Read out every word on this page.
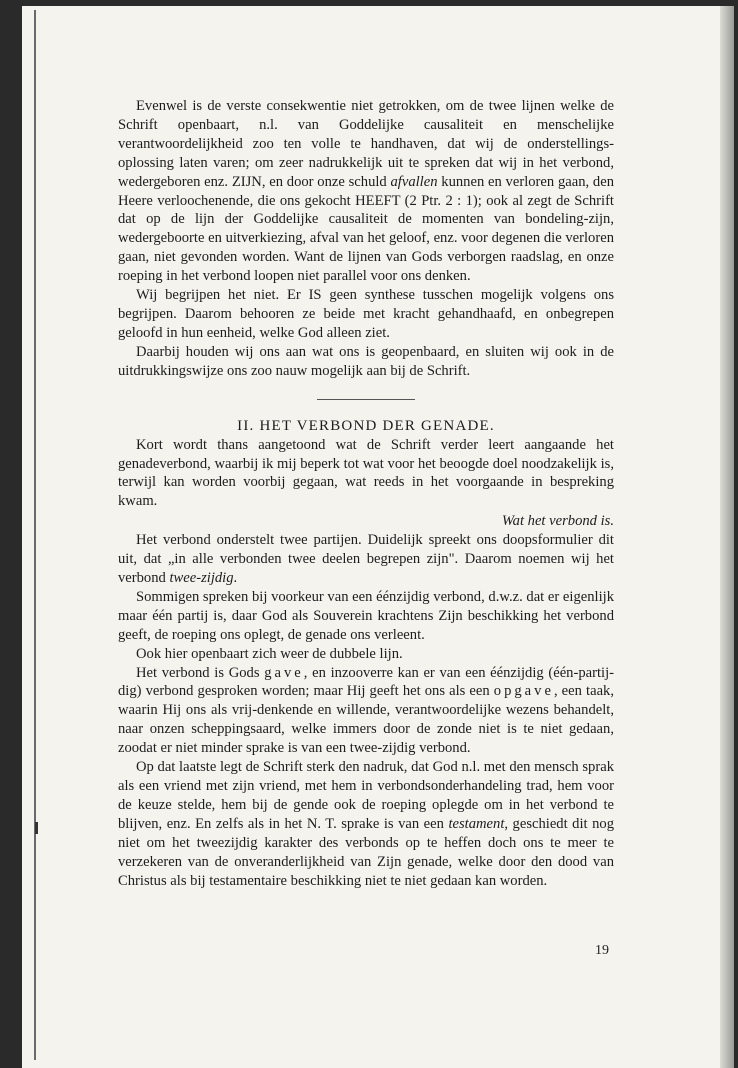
Evenwel is de verste consekwentie niet getrokken, om de twee lijnen welke de Schrift openbaart, n.l. van Goddelijke causaliteit en menschelijke verantwoordelijkheid zoo ten volle te handhaven, dat wij de onderstellings-oplossing laten varen; om zeer nadrukkelijk uit te spreken dat wij in het verbond, wedergeboren enz. ZIJN, en door onze schuld afvallen kunnen en verloren gaan, den Heere verloochenende, die ons gekocht HEEFT (2 Ptr. 2 : 1); ook al zegt de Schrift dat op de lijn der Goddelijke causaliteit de momenten van bondeling-zijn, wedergeboorte en uitverkiezing, afval van het geloof, enz. voor degenen die verloren gaan, niet gevonden worden. Want de lijnen van Gods verborgen raadslag, en onze roeping in het verbond loopen niet parallel voor ons denken.

Wij begrijpen het niet. Er IS geen synthese tusschen mogelijk volgens ons begrijpen. Daarom behooren ze beide met kracht gehandhaafd, en onbegrepen geloofd in hun eenheid, welke God alleen ziet.

Daarbij houden wij ons aan wat ons is geopenbaard, en sluiten wij ook in de uitdrukkingswijze ons zoo nauw mogelijk aan bij de Schrift.

II. HET VERBOND DER GENADE.

Kort wordt thans aangetoond wat de Schrift verder leert aangaande het genadeverbond, waarbij ik mij beperk tot wat voor het beoogde doel noodzakelijk is, terwijl kan worden voorbij gegaan, wat reeds in het voorgaande in bespreking kwam.

Wat het verbond is.

Het verbond onderstelt twee partijen. Duidelijk spreekt ons doopsformulier dit uit, dat „in alle verbonden twee deelen begrepen zijn". Daarom noemen wij het verbond twee-zijdig.

Sommigen spreken bij voorkeur van een éénzijdig verbond, d.w.z. dat er eigenlijk maar één partij is, daar God als Souverein krachtens Zijn beschikking het verbond geeft, de roeping ons oplegt, de genade ons verleent.

Ook hier openbaart zich weer de dubbele lijn.

Het verbond is Gods gave, en inzooverre kan er van een éénzijdig (één-partij-dig) verbond gesproken worden; maar Hij geeft het ons als een opgave, een taak, waarin Hij ons als vrij-denkende en willende, verantwoordelijke wezens behandelt, naar onzen scheppingsaard, welke immers door de zonde niet is te niet gedaan, zoodat er niet minder sprake is van een twee-zijdig verbond.

Op dat laatste legt de Schrift sterk den nadruk, dat God n.l. met den mensch sprak als een vriend met zijn vriend, met hem in verbondsonderhandeling trad, hem voor de keuze stelde, hem bij de gende ook de roeping oplegde om in het verbond te blijven, enz. En zelfs als in het N. T. sprake is van een testament, geschiedt dit nog niet om het tweezijdig karakter des verbonds op te heffen doch ons te meer te verzekeren van de onveranderlijkheid van Zijn genade, welke door den dood van Christus als bij testamentaire beschikking niet te niet gedaan kan worden.

19
